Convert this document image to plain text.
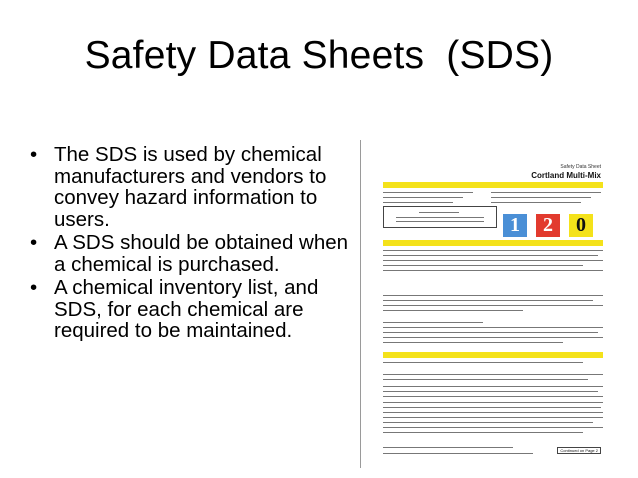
Safety Data Sheets  (SDS)
• The SDS is used by chemical manufacturers and vendors to convey hazard information to users.
• A SDS should be obtained when a chemical is purchased.
• A chemical inventory list, and SDS, for each chemical are required to be maintained.
Safety Data Sheet
Cortland Multi-Mix
1	2	0
Continued on Page 2
